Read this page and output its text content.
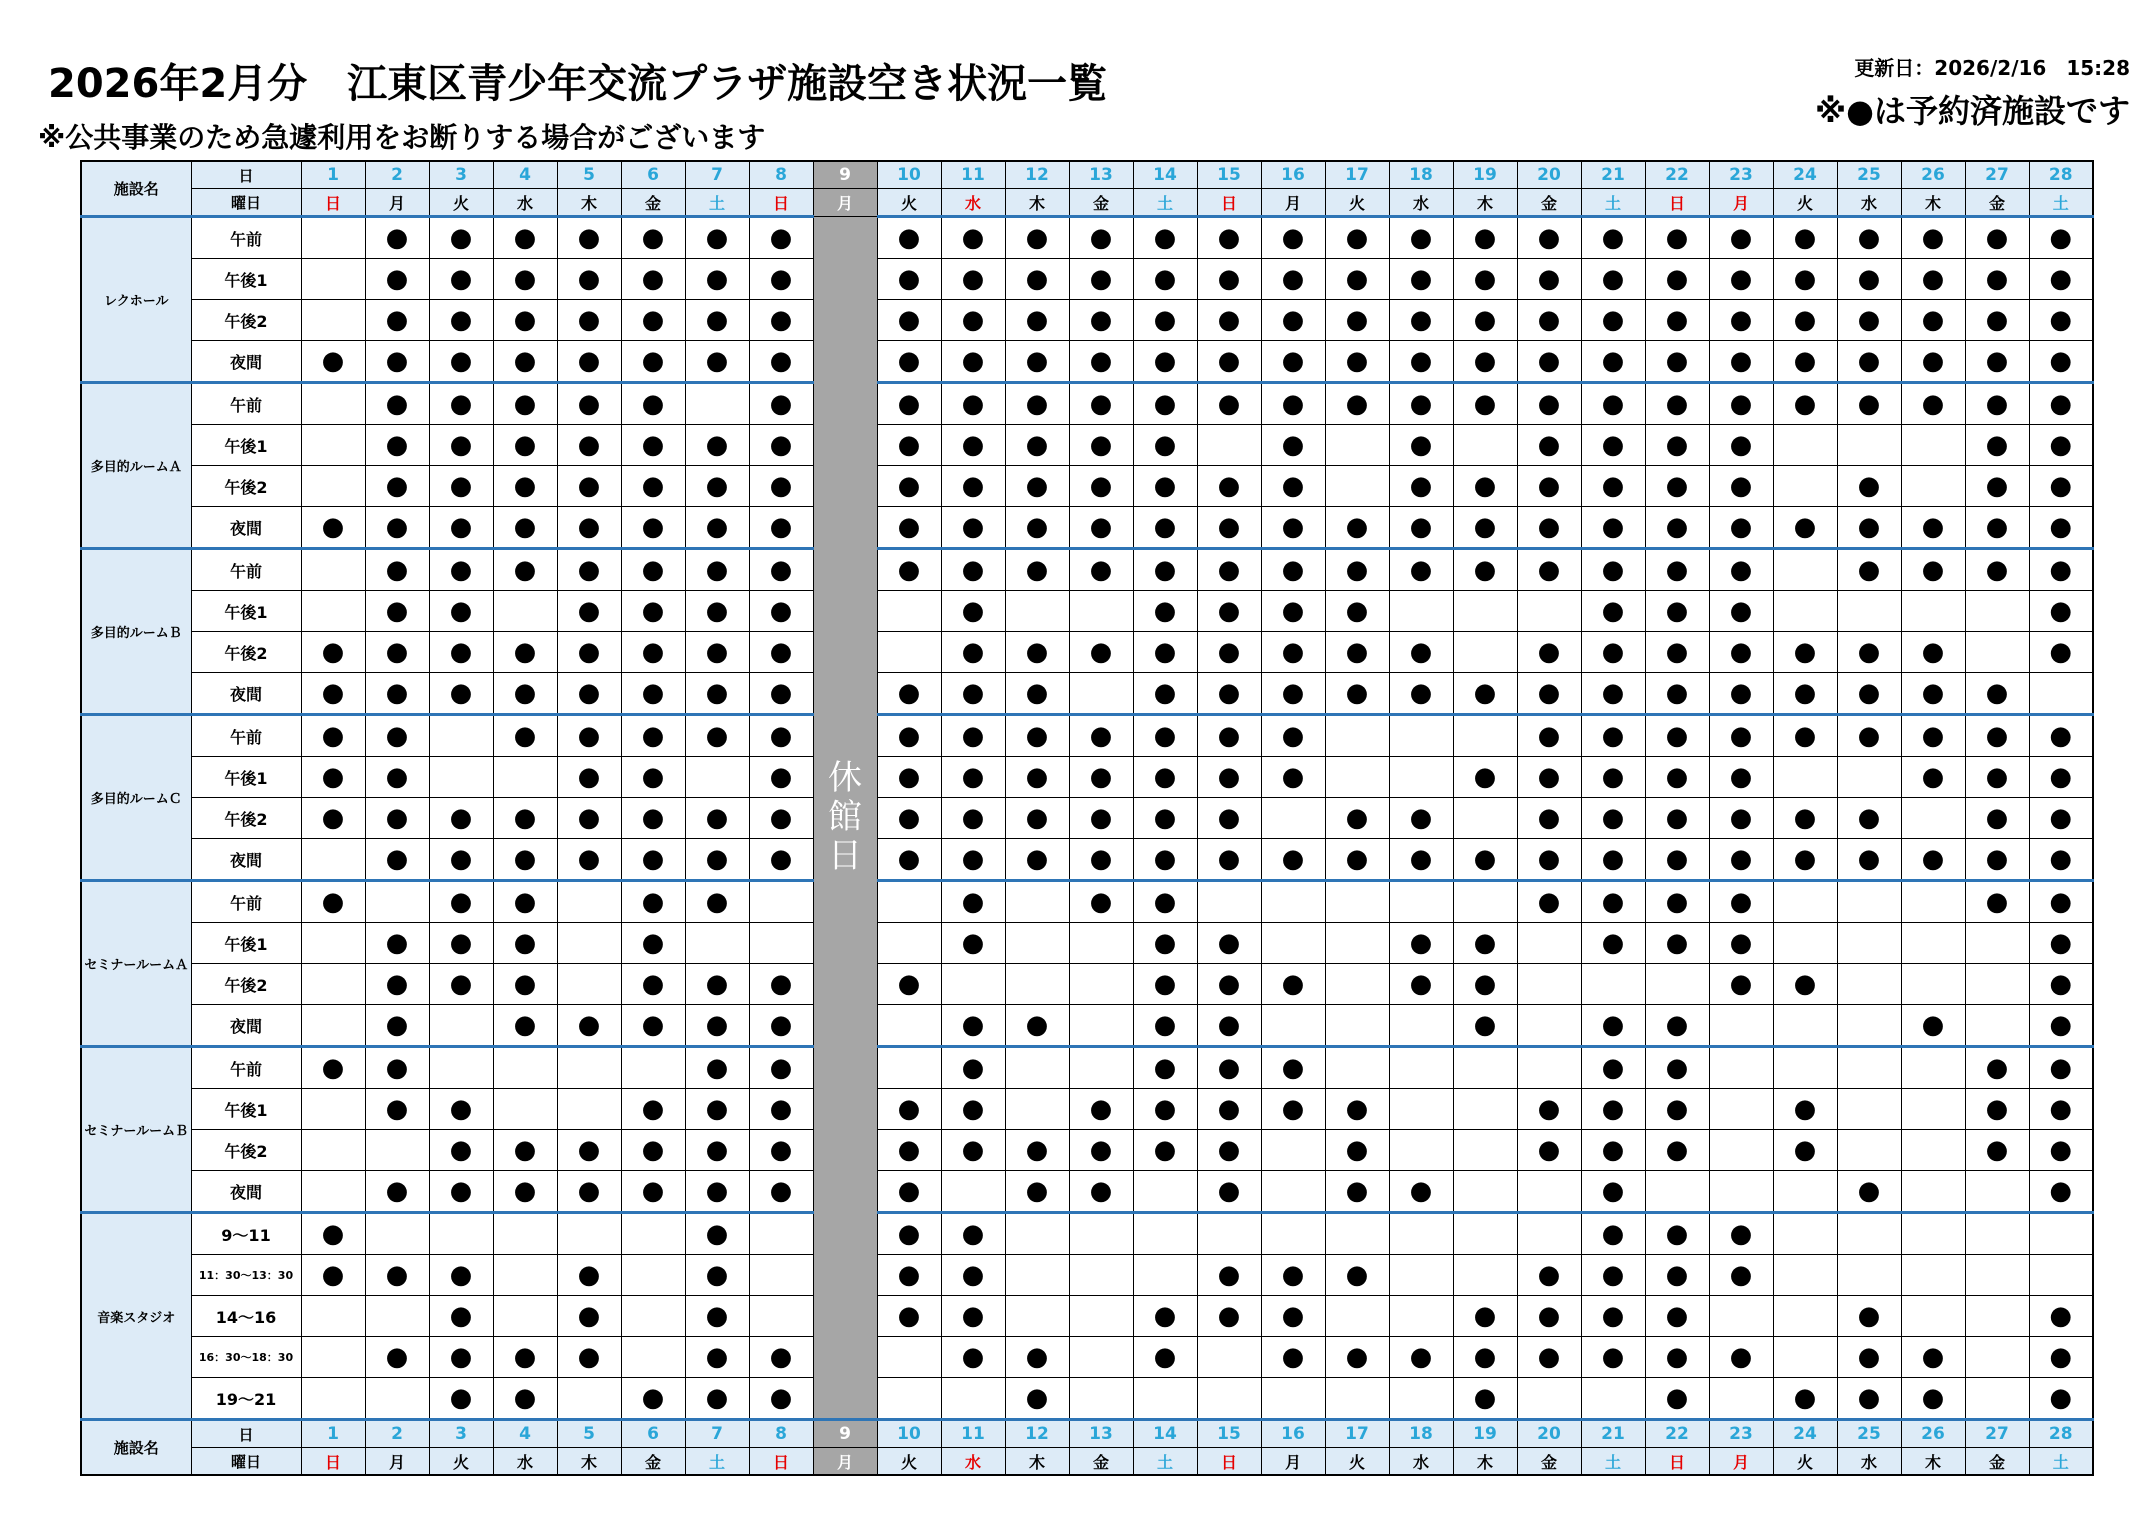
2026年2月分　江東区青少年交流プラザ施設空き状況一覧	更新日：2026/2/16　15:28
※●は予約済施設です
※公共事業のため急遽利用をお断りする場合がございます
施設名	日	1	2	3	4	5	6	7	8	9	10	11	12	13	14	15	16	17	18	19	20	21	22	23	24	25	26	27	28
	曜日	日	月	火	水	木	金	土	日	月	火	水	木	金	土	日	月	火	水	木	金	土	日	月	火	水	木	金	土
レクホール	午前		●	●	●	●	●	●	●	休館日	●	●	●	●	●	●	●	●	●	●	●	●	●	●	●	●	●	●	●
	午後1		●	●	●	●	●	●	●		●	●	●	●	●	●	●	●	●	●	●	●	●	●	●	●	●	●	●
	午後2		●	●	●	●	●	●	●		●	●	●	●	●	●	●	●	●	●	●	●	●	●	●	●	●	●	●
	夜間	●	●	●	●	●	●	●	●		●	●	●	●	●	●	●	●	●	●	●	●	●	●	●	●	●	●	●
多目的ルームＡ	午前		●	●	●	●	●		●		●	●	●	●	●	●	●	●	●	●	●	●	●	●	●	●	●	●	●
	午後1		●	●	●	●	●	●	●		●	●	●	●	●		●		●		●	●	●	●				●	●
	午後2		●	●	●	●	●	●	●		●	●	●	●	●	●	●		●	●	●	●	●	●		●		●	●
	夜間	●	●	●	●	●	●	●	●		●	●	●	●	●	●	●	●	●	●	●	●	●	●	●	●	●	●	●
多目的ルームＢ	午前		●	●	●	●	●	●	●		●	●	●	●	●	●	●	●	●	●	●	●	●	●		●	●	●	●
	午後1		●	●		●	●	●	●			●			●	●	●	●				●	●	●					●
	午後2	●	●	●	●	●	●	●	●			●	●	●	●	●	●	●	●		●	●	●	●	●	●	●		●
	夜間	●	●	●	●	●	●	●	●		●	●	●		●	●	●	●	●	●	●	●	●	●	●	●	●	●	
多目的ルームＣ	午前	●	●		●	●	●	●	●		●	●	●	●	●	●	●				●	●	●	●	●	●	●	●	●
	午後1	●	●			●	●		●		●	●	●	●	●	●	●			●	●	●	●	●			●	●	●
	午後2	●	●	●	●	●	●	●	●		●	●	●	●	●	●		●	●		●	●	●	●	●	●		●	●
	夜間		●	●	●	●	●	●	●		●	●	●	●	●	●	●	●	●	●	●	●	●	●	●	●	●	●	●
セミナールームＡ	午前	●		●	●		●	●				●		●	●						●	●	●	●				●	●
	午後1		●	●	●		●					●			●	●			●	●		●	●	●					●
	午後2		●	●	●		●	●	●		●				●	●	●		●	●				●	●				●
	夜間		●		●	●	●	●	●			●	●		●	●				●		●	●				●		●
セミナールームＢ	午前	●	●					●	●			●			●	●	●					●	●					●	●
	午後1		●	●			●	●	●		●	●		●	●	●	●	●			●	●	●		●			●	●
	午後2			●	●	●	●	●	●		●	●	●	●	●	●		●			●	●	●		●			●	●
	夜間		●	●	●	●	●	●	●		●		●	●		●		●	●			●				●			●
音楽スタジオ	9～11	●						●			●	●										●	●	●					
	11：30～13：30	●	●	●		●		●			●	●				●	●	●			●	●	●	●					
	14～16			●		●		●			●	●			●	●	●			●	●	●	●			●			●
	16：30～18：30		●	●	●	●		●	●			●	●		●		●	●	●	●	●	●	●	●		●	●		●
	19～21			●	●		●	●	●				●							●			●		●	●	●		●
施設名	日	1	2	3	4	5	6	7	8	9	10	11	12	13	14	15	16	17	18	19	20	21	22	23	24	25	26	27	28
	曜日	日	月	火	水	木	金	土	日	月	火	水	木	金	土	日	月	火	水	木	金	土	日	月	火	水	木	金	土
